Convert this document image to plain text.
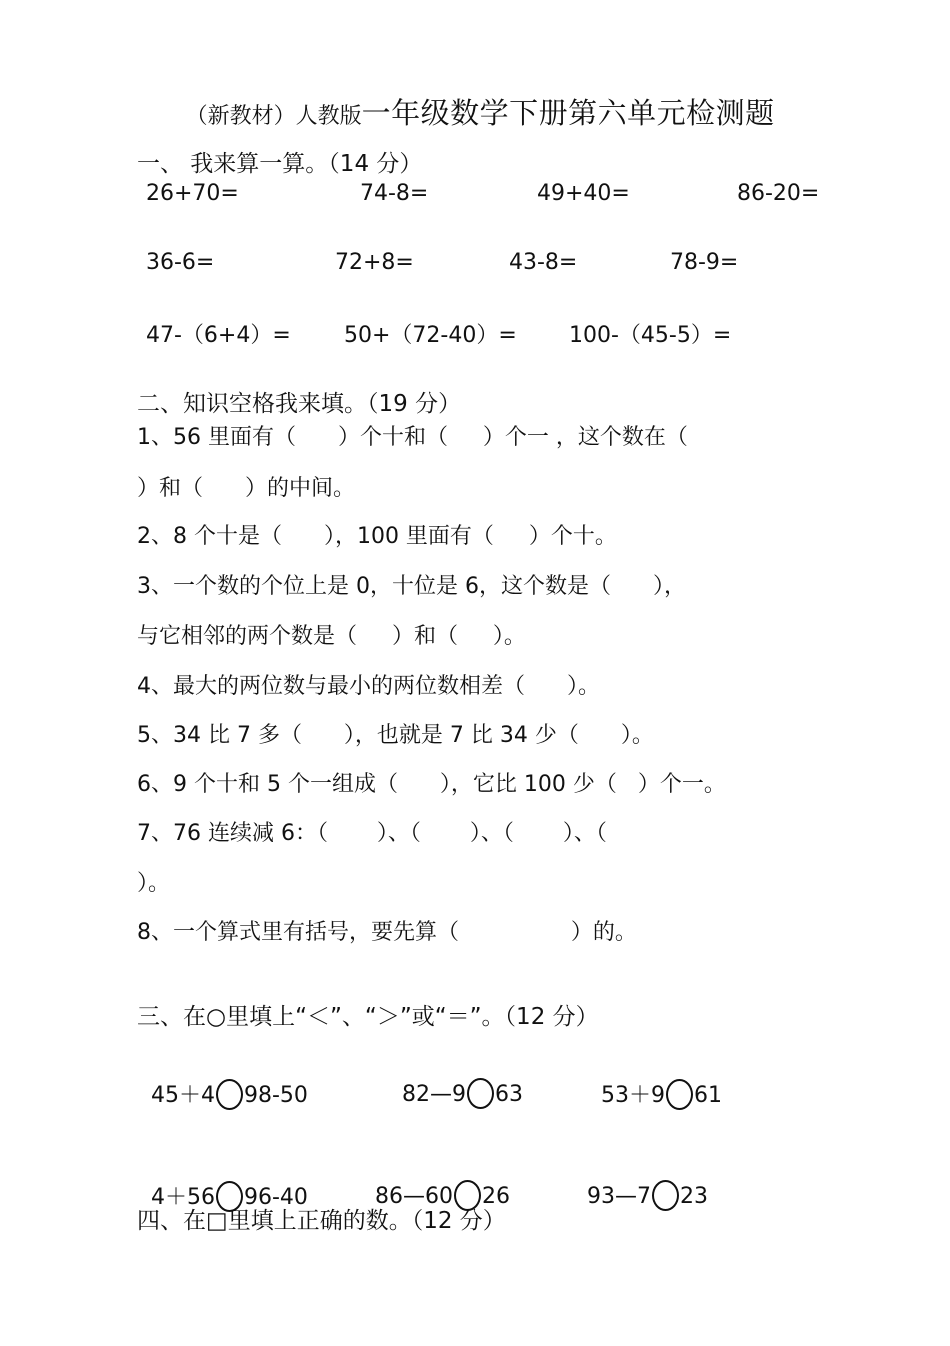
（新教材）人教版一年级数学下册第六单元检测题

一、 我来算一算。（14 分）
26+70=	74-8=	49+40=	86-20=
36-6=	72+8=	43-8=	78-9=
47-（6+4）= 50+（72-40）= 100-（45-5）=
二、知识空格我来填。（19 分）
1、56 里面有（      ）个十和（     ）个一 ，这个数在（
）和（      ）的中间。
2、8 个十是（      ），100 里面有（     ）个十。
3、一个数的个位上是 0，十位是 6，这个数是（      ），
与它相邻的两个数是（     ）和（     ）。
4、最大的两位数与最小的两位数相差（      ）。
5、34 比 7 多（      ），也就是 7 比 34 少（      ）。
6、9 个十和 5 个一组成（      ），它比 100 少（   ）个一。
7、76 连续减 6：（       ）、（       ）、（       ）、（
）。
8、一个算式里有括号，要先算（                ）的。
三、在○里填上“＜”、“＞”或“＝”。（12 分）

45＋4 98-50	82—9 63	53＋9 61

4＋56 96-40	86—60 26	93—7 23

四、在□里填上正确的数。（12 分）
